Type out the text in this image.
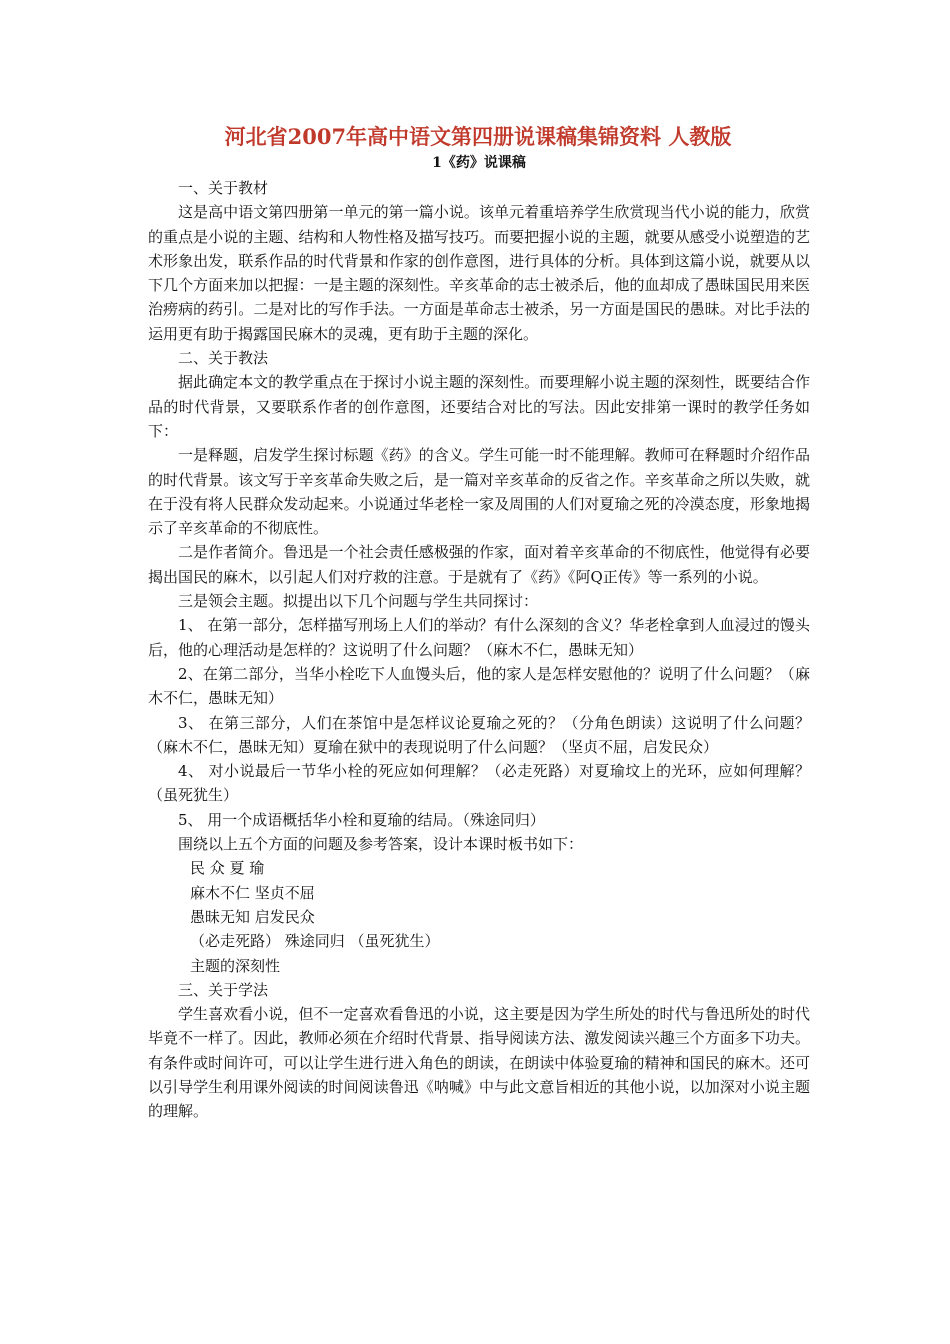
河北省2007年高中语文第四册说课稿集锦资料 人教版
1《药》说课稿

一、关于教材

这是高中语文第四册第一单元的第一篇小说。该单元着重培养学生欣赏现当代小说的能力，欣赏的重点是小说的主题、结构和人物性格及描写技巧。而要把握小说的主题，就要从感受小说塑造的艺术形象出发，联系作品的时代背景和作家的创作意图，进行具体的分析。具体到这篇小说，就要从以下几个方面来加以把握：一是主题的深刻性。辛亥革命的志士被杀后，他的血却成了愚昧国民用来医治痨病的药引。二是对比的写作手法。一方面是革命志士被杀，另一方面是国民的愚昧。对比手法的运用更有助于揭露国民麻木的灵魂，更有助于主题的深化。

二、关于教法

据此确定本文的教学重点在于探讨小说主题的深刻性。而要理解小说主题的深刻性，既要结合作品的时代背景，又要联系作者的创作意图，还要结合对比的写法。因此安排第一课时的教学任务如下：

一是释题，启发学生探讨标题《药》的含义。学生可能一时不能理解。教师可在释题时介绍作品的时代背景。该文写于辛亥革命失败之后，是一篇对辛亥革命的反省之作。辛亥革命之所以失败，就在于没有将人民群众发动起来。小说通过华老栓一家及周围的人们对夏瑜之死的冷漠态度，形象地揭示了辛亥革命的不彻底性。

二是作者简介。鲁迅是一个社会责任感极强的作家，面对着辛亥革命的不彻底性，他觉得有必要揭出国民的麻木，以引起人们对疗救的注意。于是就有了《药》《阿Q正传》等一系列的小说。

三是领会主题。拟提出以下几个问题与学生共同探讨：

1、 在第一部分，怎样描写刑场上人们的举动？有什么深刻的含义？华老栓拿到人血浸过的馒头后，他的心理活动是怎样的？这说明了什么问题？（麻木不仁，愚昧无知）

2、在第二部分，当华小栓吃下人血馒头后，他的家人是怎样安慰他的？说明了什么问题？（麻木不仁，愚昧无知）

3、 在第三部分，人们在茶馆中是怎样议论夏瑜之死的？（分角色朗读）这说明了什么问题？（麻木不仁，愚昧无知）夏瑜在狱中的表现说明了什么问题？（坚贞不屈，启发民众）

4、 对小说最后一节华小栓的死应如何理解？（必走死路）对夏瑜坟上的光环，应如何理解？（虽死犹生）

5、 用一个成语概括华小栓和夏瑜的结局。（殊途同归）

围绕以上五个方面的问题及参考答案，设计本课时板书如下：

民 众 夏 瑜

麻木不仁 坚贞不屈

愚昧无知 启发民众

（必走死路） 殊途同归 （虽死犹生）

主题的深刻性

三、关于学法

学生喜欢看小说，但不一定喜欢看鲁迅的小说，这主要是因为学生所处的时代与鲁迅所处的时代毕竟不一样了。因此，教师必须在介绍时代背景、指导阅读方法、激发阅读兴趣三个方面多下功夫。有条件或时间许可，可以让学生进行进入角色的朗读，在朗读中体验夏瑜的精神和国民的麻木。还可以引导学生利用课外阅读的时间阅读鲁迅《呐喊》中与此文意旨相近的其他小说，以加深对小说主题的理解。
